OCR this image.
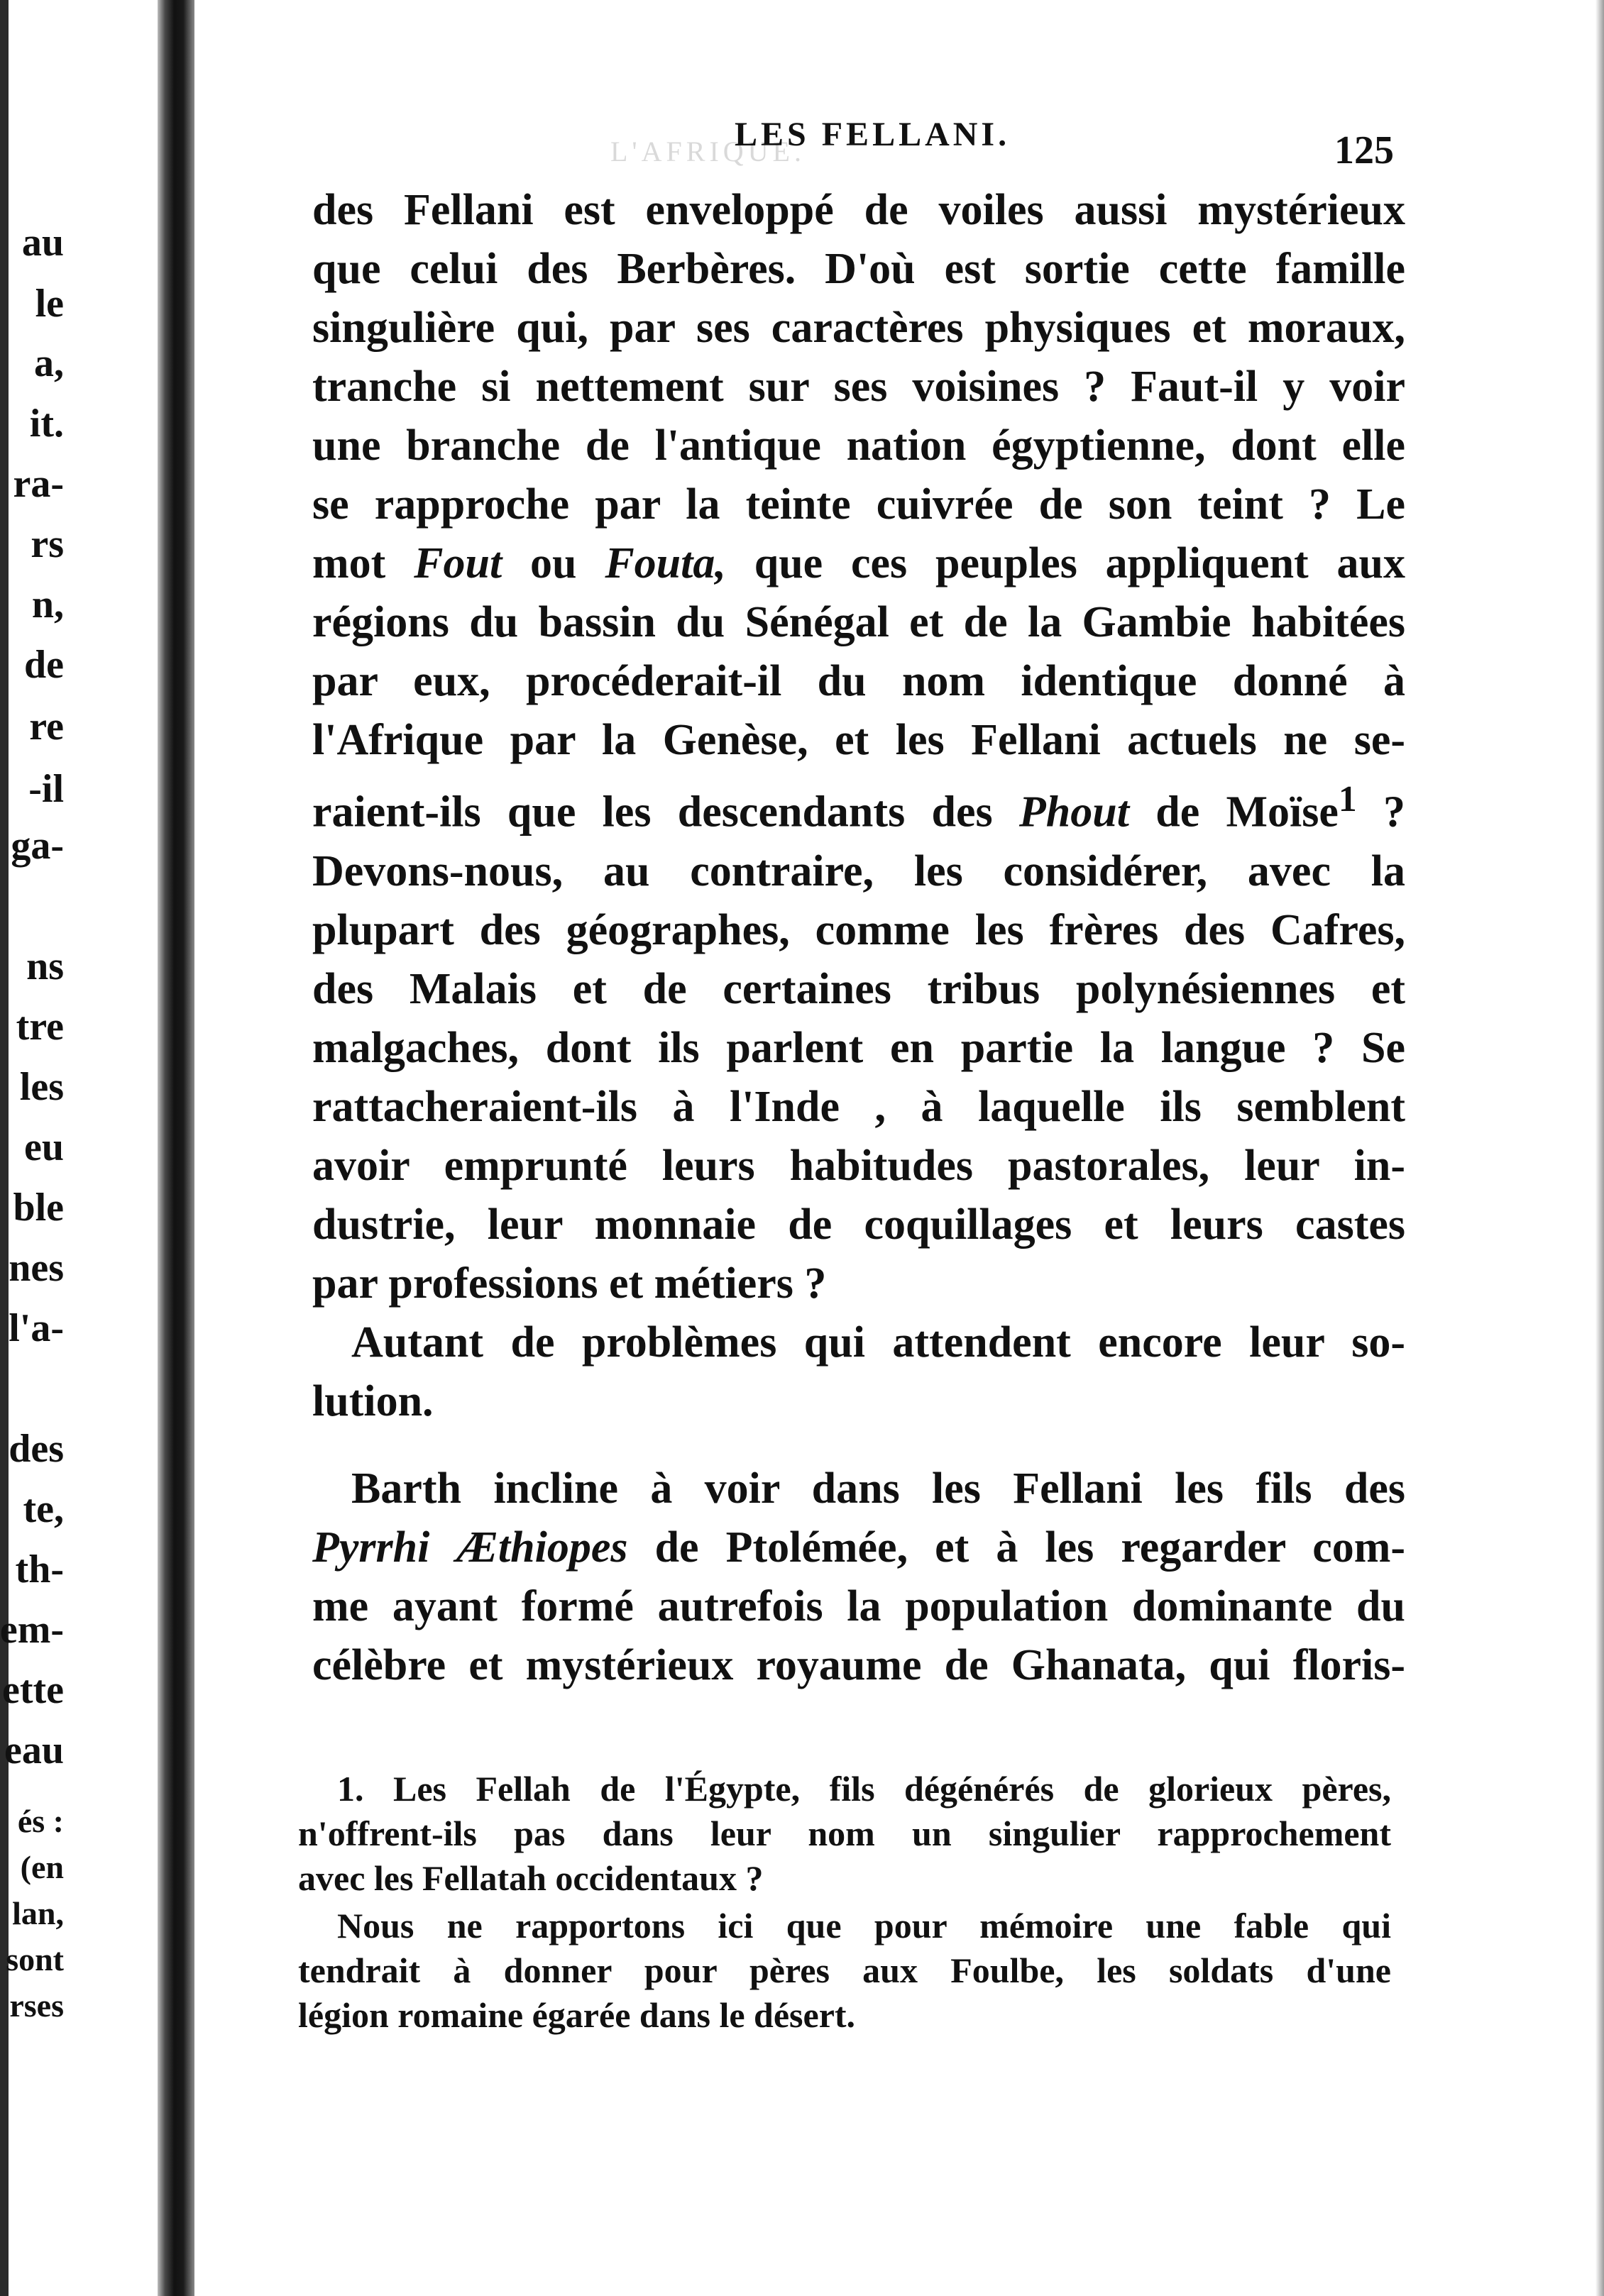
L'AFRIQUE.
au
le
a,
it.
ra-
rs
n,
de
re
-il
ga-
ns
tre
les
eu
ble
nes
l'a-
des
te,
th-
em-
ette
eau
és :
(en
lan,
sont
rses
LES FELLANI.	125
des Fellani est enveloppé de voiles aussi mystérieux
que celui des Berbères. D'où est sortie cette famille
singulière qui, par ses caractères physiques et moraux,
tranche si nettement sur ses voisines ? Faut-il y voir
une branche de l'antique nation égyptienne, dont elle
se rapproche par la teinte cuivrée de son teint ? Le
mot Fout ou Fouta, que ces peuples appliquent aux
régions du bassin du Sénégal et de la Gambie habitées
par eux, procéderait-il du nom identique donné à
l'Afrique par la Genèse, et les Fellani actuels ne se-
raient-ils que les descendants des Phout de Moïse$^1$ ?
Devons-nous, au contraire, les considérer, avec la
plupart des géographes, comme les frères des Cafres,
des Malais et de certaines tribus polynésiennes et
malgaches, dont ils parlent en partie la langue ? Se
rattacheraient-ils à l'Inde , à laquelle ils semblent
avoir emprunté leurs habitudes pastorales, leur in-
dustrie, leur monnaie de coquillages et leurs castes
par professions et métiers ?
Autant de problèmes qui attendent encore leur so-
lution.
Barth incline à voir dans les Fellani les fils des
Pyrrhi Æthiopes de Ptolémée, et à les regarder com-
me ayant formé autrefois la population dominante du
célèbre et mystérieux royaume de Ghanata, qui floris-
1. Les Fellah de l'Égypte, fils dégénérés de glorieux pères,
n'offrent-ils pas dans leur nom un singulier rapprochement
avec les Fellatah occidentaux ?
Nous ne rapportons ici que pour mémoire une fable qui
tendrait à donner pour pères aux Foulbe, les soldats d'une
légion romaine égarée dans le désert.
